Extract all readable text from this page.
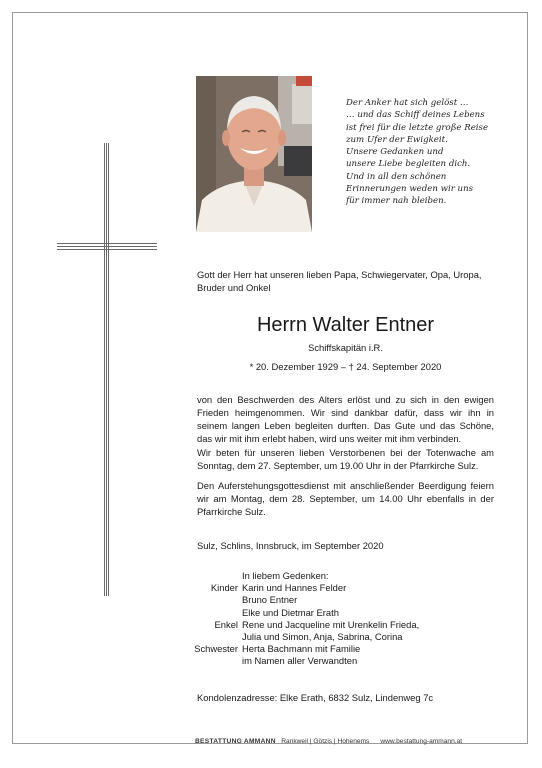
Der Anker hat sich gelöst …
… und das Schiff deines Lebens
ist frei für die letzte große Reise
zum Ufer der Ewigkeit.
Unsere Gedanken und
unsere Liebe begleiten dich.
Und in all den schönen
Erinnerungen weden wir uns
für immer nah bleiben.
Gott der Herr hat unseren lieben Papa, Schwiegervater, Opa, Uropa, Bruder und Onkel
Herrn Walter Entner
Schiffskapitän i.R.
* 20. Dezember 1929 – † 24. September 2020
von den Beschwerden des Alters erlöst und zu sich in den ewigen Frieden heimgenommen. Wir sind dankbar dafür, dass wir ihn in seinem langen Leben begleiten durften. Das Gute und das Schöne, das wir mit ihm erlebt haben, wird uns weiter mit ihm verbinden.
Wir beten für unseren lieben Verstorbenen bei der Totenwache am Sonntag, dem 27. September, um 19.00 Uhr in der Pfarrkirche Sulz.
Den Auferstehungsgottesdienst mit anschließender Beerdigung feiern wir am Montag, dem 28. September, um 14.00 Uhr ebenfalls in der Pfarrkirche Sulz.
Sulz, Schlins, Innsbruck, im September 2020
In liebem Gedenken:
Kinder Karin und Hannes Felder
Bruno Entner
Elke und Dietmar Erath
Enkel Rene und Jacqueline mit Urenkelin Frieda,
Julia und Simon, Anja, Sabrina, Corina
Schwester Herta Bachmann mit Familie
im Namen aller Verwandten
Kondolenzadresse: Elke Erath, 6832 Sulz, Lindenweg 7c
BESTATTUNG AMMANN Rankweil | Götzis | Hohenems www.bestattung-ammann.at
